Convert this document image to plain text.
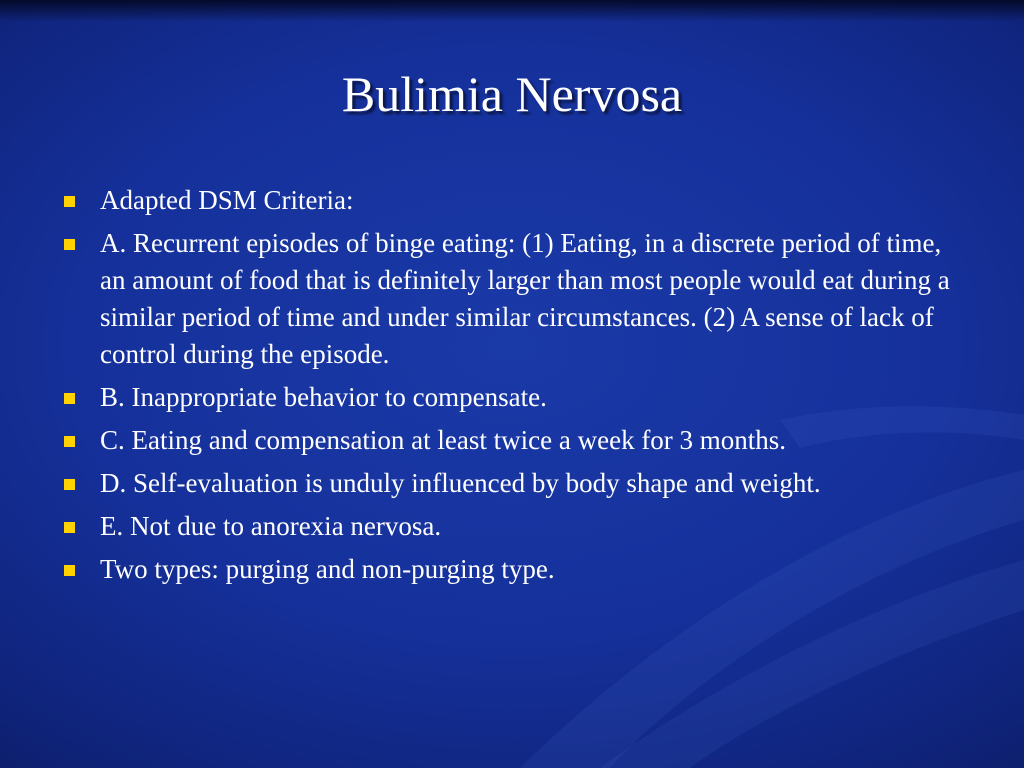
Bulimia Nervosa
Adapted DSM Criteria:
A. Recurrent episodes of binge eating: (1) Eating, in a discrete period of time, an amount of food that is definitely larger than most people would eat during a similar period of time and under similar circumstances. (2) A sense of lack of control during the episode.
B. Inappropriate behavior to compensate.
C. Eating and compensation at least twice a week for 3 months.
D. Self-evaluation is unduly influenced by body shape and weight.
E. Not due to anorexia nervosa.
Two types: purging and non-purging type.
